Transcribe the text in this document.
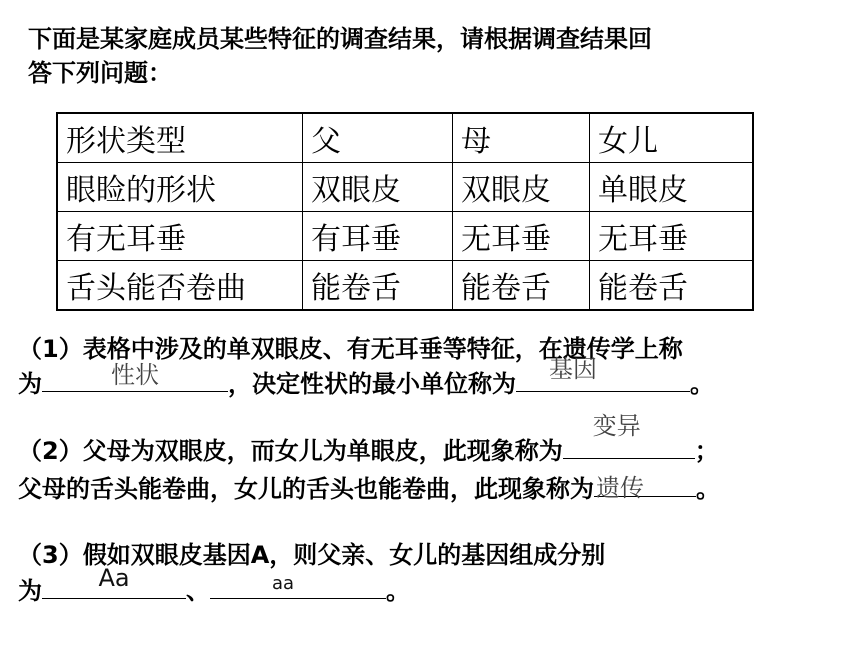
下面是某家庭成员某些特征的调查结果，请根据调查结果回
答下列问题：
形状类型	父	母	女儿
眼睑的形状	双眼皮	双眼皮	单眼皮
有无耳垂	有耳垂	无耳垂	无耳垂
舌头能否卷曲	能卷舌	能卷舌	能卷舌
（1）表格中涉及的单双眼皮、有无耳垂等特征，在遗传学上称
为	性状	，决定性状的最小单位称为
基因
。
（2）父母为双眼皮，而女儿为单眼皮，此现象称为
变异
；
父母的舌头能卷曲，女儿的舌头也能卷曲，此现象称为 遗传 。
（3）假如双眼皮基因A，则父亲、女儿的基因组成分别
为	Aa	、	aa	。
